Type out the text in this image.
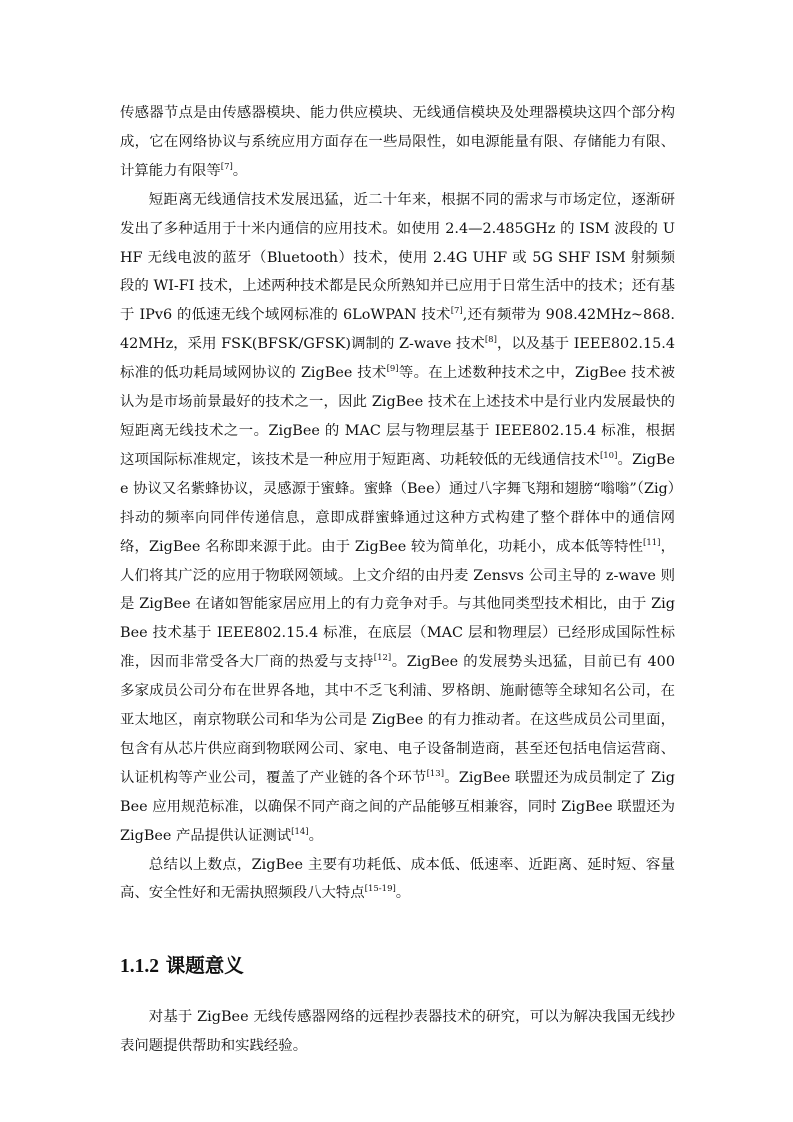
传感器节点是由传感器模块、能力供应模块、无线通信模块及处理器模块这四个部分构成，它在网络协议与系统应用方面存在一些局限性，如电源能量有限、存储能力有限、计算能力有限等[7]。

短距离无线通信技术发展迅猛，近二十年来，根据不同的需求与市场定位，逐渐研发出了多种适用于十米内通信的应用技术。如使用 2.4—2.485GHz 的 ISM 波段的 UHF 无线电波的蓝牙（Bluetooth）技术，使用 2.4G UHF 或 5G SHF ISM 射频频段的 WI-FI 技术，上述两种技术都是民众所熟知并已应用于日常生活中的技术；还有基于 IPv6 的低速无线个域网标准的 6LoWPAN 技术[7],还有频带为 908.42MHz~868.42MHz，采用 FSK(BFSK/GFSK)调制的 Z-wave 技术[8]，以及基于 IEEE802.15.4 标准的低功耗局域网协议的 ZigBee 技术[9]等。在上述数种技术之中，ZigBee 技术被认为是市场前景最好的技术之一，因此 ZigBee 技术在上述技术中是行业内发展最快的短距离无线技术之一。ZigBee 的 MAC 层与物理层基于 IEEE802.15.4 标准，根据这项国际标准规定，该技术是一种应用于短距离、功耗较低的无线通信技术[10]。ZigBee 协议又名紫蜂协议，灵感源于蜜蜂。蜜蜂（Bee）通过八字舞飞翔和翅膀“嗡嗡”（Zig）抖动的频率向同伴传递信息，意即成群蜜蜂通过这种方式构建了整个群体中的通信网络，ZigBee 名称即来源于此。由于 ZigBee 较为简单化，功耗小，成本低等特性[11]，人们将其广泛的应用于物联网领域。上文介绍的由丹麦 Zensvs 公司主导的 z-wave 则是 ZigBee 在诸如智能家居应用上的有力竞争对手。与其他同类型技术相比，由于 ZigBee 技术基于 IEEE802.15.4 标准，在底层（MAC 层和物理层）已经形成国际性标准，因而非常受各大厂商的热爱与支持[12]。ZigBee 的发展势头迅猛，目前已有 400 多家成员公司分布在世界各地，其中不乏飞利浦、罗格朗、施耐德等全球知名公司，在亚太地区，南京物联公司和华为公司是 ZigBee 的有力推动者。在这些成员公司里面，包含有从芯片供应商到物联网公司、家电、电子设备制造商，甚至还包括电信运营商、认证机构等产业公司，覆盖了产业链的各个环节[13]。ZigBee 联盟还为成员制定了 ZigBee 应用规范标准，以确保不同产商之间的产品能够互相兼容，同时 ZigBee 联盟还为 ZigBee 产品提供认证测试[14]。

总结以上数点，ZigBee 主要有功耗低、成本低、低速率、近距离、延时短、容量高、安全性好和无需执照频段八大特点[15-19]。

1.1.2 课题意义

对基于 ZigBee 无线传感器网络的远程抄表器技术的研究，可以为解决我国无线抄表问题提供帮助和实践经验。
